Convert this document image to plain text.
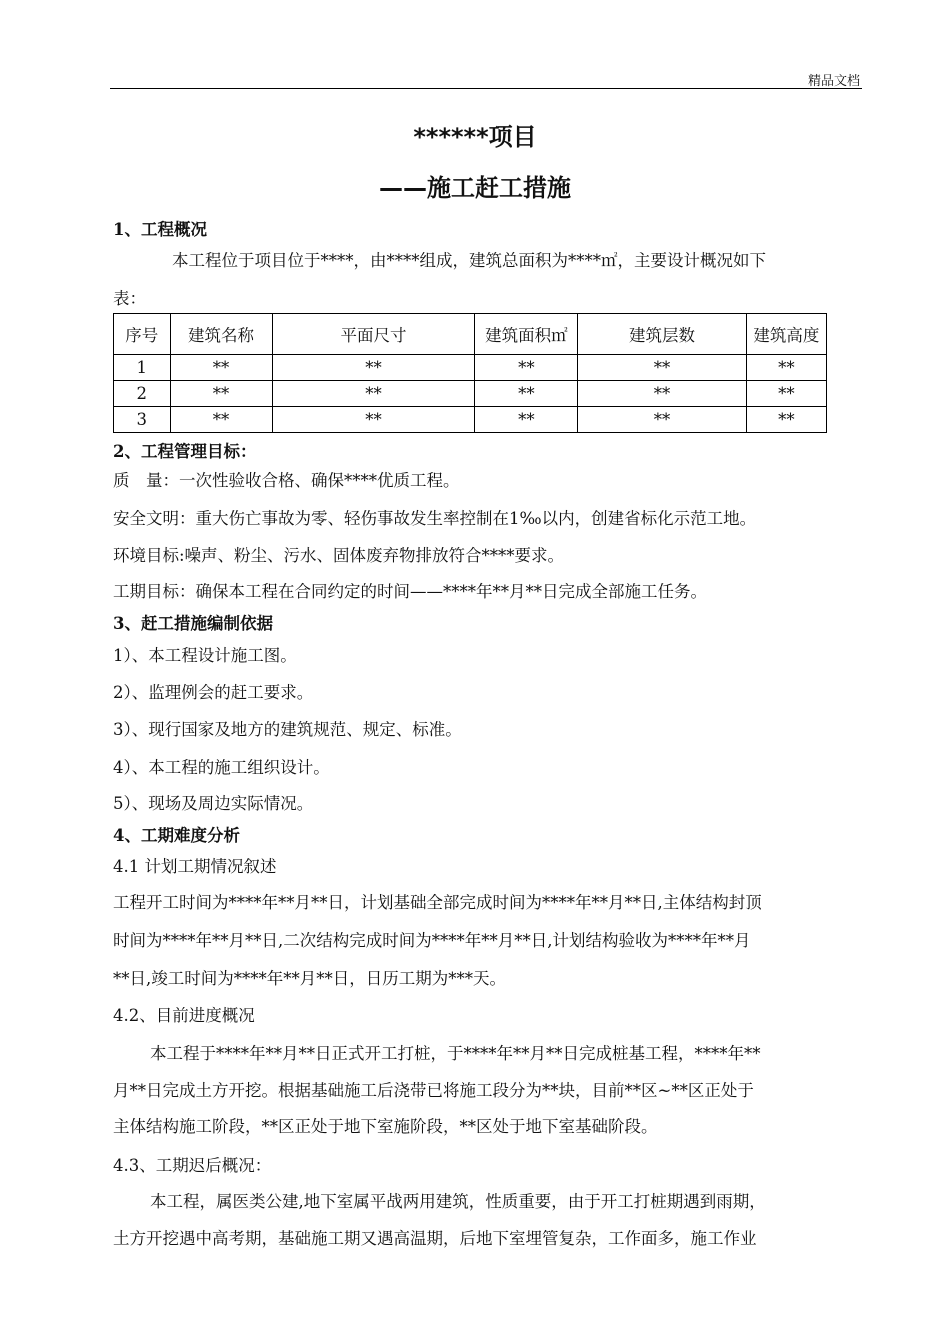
精品文档
******项目
——施工赶工措施
1、工程概况
本工程位于项目位于****，由****组成，建筑总面积为****㎡，主要设计概况如下
表：
序号	建筑名称	平面尺寸	建筑面积㎡	建筑层数	建筑高度
1	**	**	**	**	**
2	**	**	**	**	**
3	**	**	**	**	**
2、工程管理目标：
质　量：一次性验收合格、确保****优质工程。
安全文明：重大伤亡事故为零、轻伤事故发生率控制在1‰以内，创建省标化示范工地。
环境目标:噪声、粉尘、污水、固体废弃物排放符合****要求。
工期目标：确保本工程在合同约定的时间——****年**月**日完成全部施工任务。
3、赶工措施编制依据
1）、本工程设计施工图。
2）、监理例会的赶工要求。
3）、现行国家及地方的建筑规范、规定、标准。
4）、本工程的施工组织设计。
5）、现场及周边实际情况。
4、工期难度分析
4.1 计划工期情况叙述
工程开工时间为****年**月**日，计划基础全部完成时间为****年**月**日,主体结构封顶
时间为****年**月**日,二次结构完成时间为****年**月**日,计划结构验收为****年**月
**日,竣工时间为****年**月**日，日历工期为***天。
4.2、目前进度概况
本工程于****年**月**日正式开工打桩，于****年**月**日完成桩基工程，****年**
月**日完成土方开挖。根据基础施工后浇带已将施工段分为**块，目前**区~**区正处于
主体结构施工阶段，**区正处于地下室施阶段，**区处于地下室基础阶段。
4.3、工期迟后概况：
本工程，属医类公建,地下室属平战两用建筑，性质重要，由于开工打桩期遇到雨期，
土方开挖遇中高考期，基础施工期又遇高温期，后地下室埋管复杂，工作面多，施工作业
